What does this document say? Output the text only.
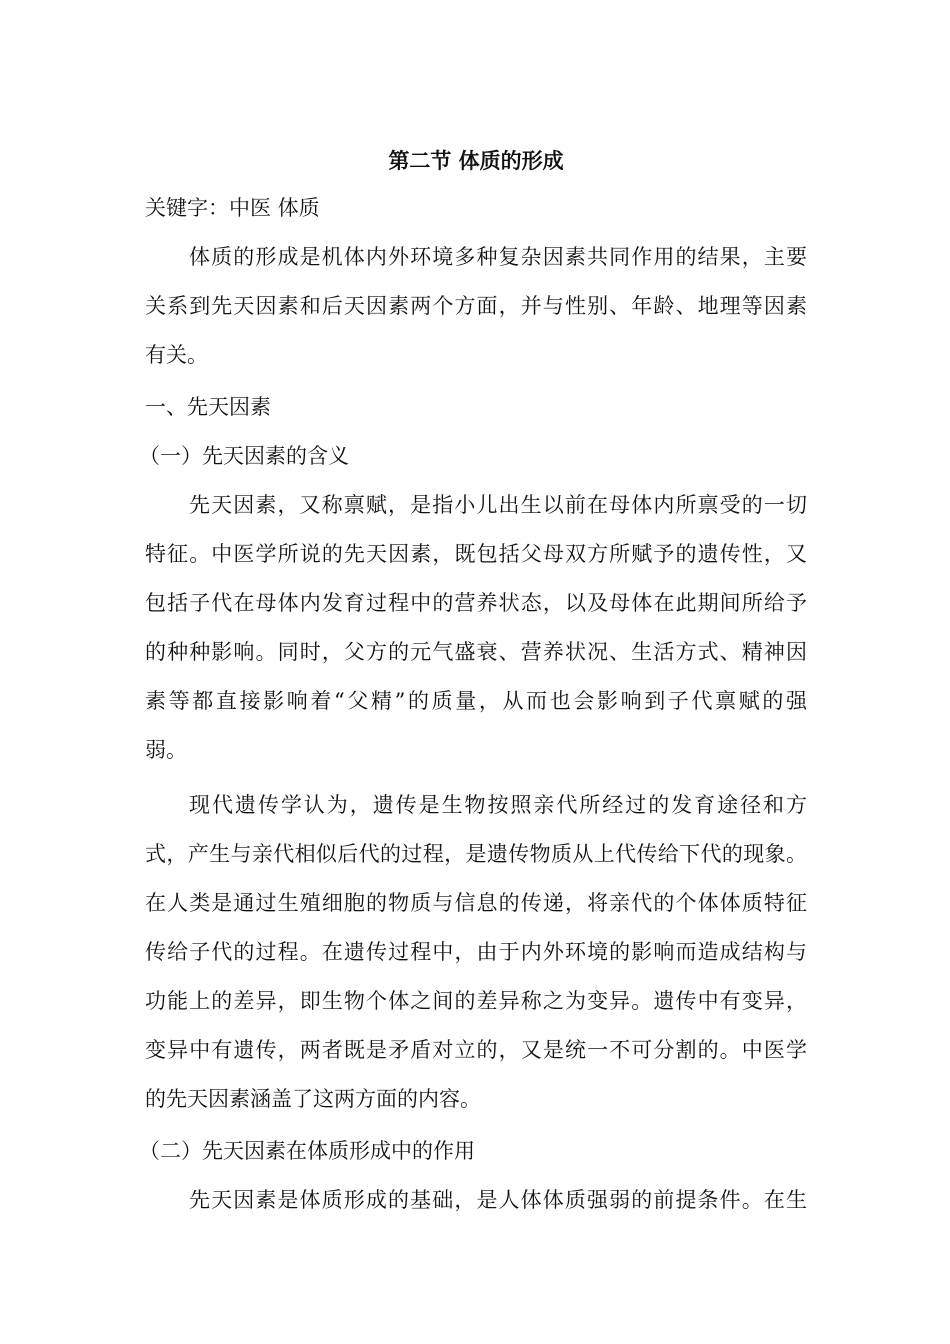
第二节 体质的形成
关键字：中医 体质
体质的形成是机体内外环境多种复杂因素共同作用的结果，主要
关系到先天因素和后天因素两个方面，并与性别、年龄、地理等因素
有关。
一、先天因素
（一）先天因素的含义
先天因素，又称禀赋，是指小儿出生以前在母体内所禀受的一切
特征。中医学所说的先天因素，既包括父母双方所赋予的遗传性，又
包括子代在母体内发育过程中的营养状态，以及母体在此期间所给予
的种种影响。同时，父方的元气盛衰、营养状况、生活方式、精神因
素等都直接影响着“父精”的质量，从而也会影响到子代禀赋的强
弱。
现代遗传学认为，遗传是生物按照亲代所经过的发育途径和方
式，产生与亲代相似后代的过程，是遗传物质从上代传给下代的现象。
在人类是通过生殖细胞的物质与信息的传递，将亲代的个体体质特征
传给子代的过程。在遗传过程中，由于内外环境的影响而造成结构与
功能上的差异，即生物个体之间的差异称之为变异。遗传中有变异，
变异中有遗传，两者既是矛盾对立的，又是统一不可分割的。中医学
的先天因素涵盖了这两方面的内容。
（二）先天因素在体质形成中的作用
先天因素是体质形成的基础，是人体体质强弱的前提条件。在生
